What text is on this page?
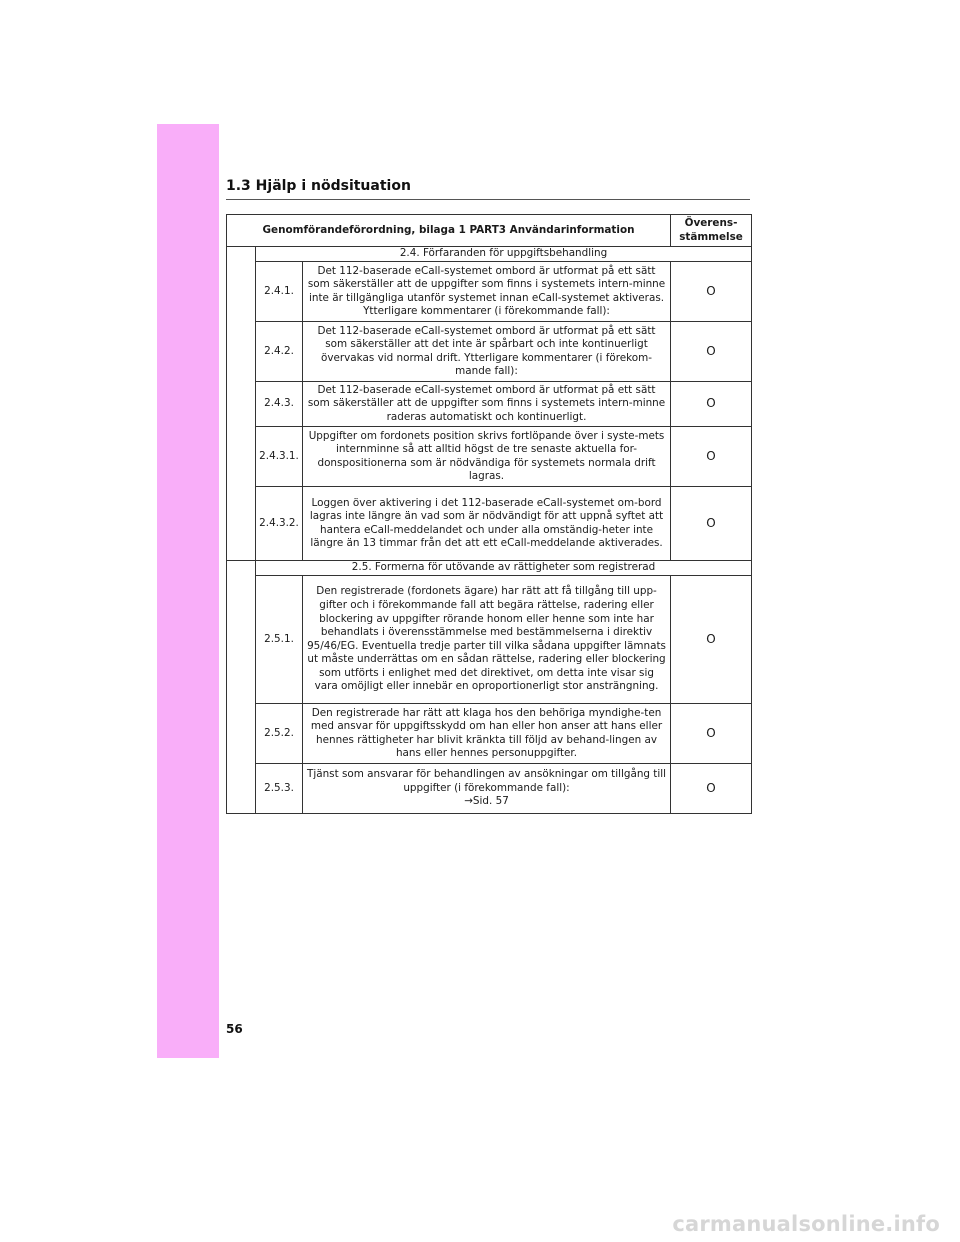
1.3 Hjälp i nödsituation
Genomförandeförordning, bilaga 1 PART3 Användarinformation			Överens-
stämmelse
	2.4. Förfaranden för uppgiftsbehandling		
	2.4.1.	Det 112-baserade eCall-systemet ombord är utformat på ett sätt som säkerställer att de uppgifter som finns i systemets intern-minne inte är tillgängliga utanför systemet innan eCall-systemet aktiveras. Ytterligare kommentarer (i förekommande fall):	O
	2.4.2.	Det 112-baserade eCall-systemet ombord är utformat på ett sätt som säkerställer att det inte är spårbart och inte kontinuerligt övervakas vid normal drift. Ytterligare kommentarer (i förekom-mande fall):	O
	2.4.3.	Det 112-baserade eCall-systemet ombord är utformat på ett sätt som säkerställer att de uppgifter som finns i systemets intern-minne raderas automatiskt och kontinuerligt.	O
	2.4.3.1.	Uppgifter om fordonets position skrivs fortlöpande över i syste-mets internminne så att alltid högst de tre senaste aktuella for-donspositionerna som är nödvändiga för systemets normala drift lagras.	O
	2.4.3.2.	Loggen över aktivering i det 112-baserade eCall-systemet om-bord lagras inte längre än vad som är nödvändigt för att uppnå syftet att hantera eCall-meddelandet och under alla omständig-heter inte längre än 13 timmar från det att ett eCall-meddelande aktiverades.	O
	2.5. Formerna för utövande av rättigheter som registrerad		
	2.5.1.	Den registrerade (fordonets ägare) har rätt att få tillgång till upp-gifter och i förekommande fall att begära rättelse, radering eller blockering av uppgifter rörande honom eller henne som inte har behandlats i överensstämmelse med bestämmelserna i direktiv 95/46/EG. Eventuella tredje parter till vilka sådana uppgifter lämnats ut måste underrättas om en sådan rättelse, radering eller blockering som utförts i enlighet med det direktivet, om detta inte visar sig vara omöjligt eller innebär en oproportionerligt stor ansträngning.	O
	2.5.2.	Den registrerade har rätt att klaga hos den behöriga myndighe-ten med ansvar för uppgiftsskydd om han eller hon anser att hans eller hennes rättigheter har blivit kränkta till följd av behand-lingen av hans eller hennes personuppgifter.	O
	2.5.3.	Tjänst som ansvarar för behandlingen av ansökningar om tillgång till uppgifter (i förekommande fall):
→Sid. 57	O
56
carmanualsonline.info
